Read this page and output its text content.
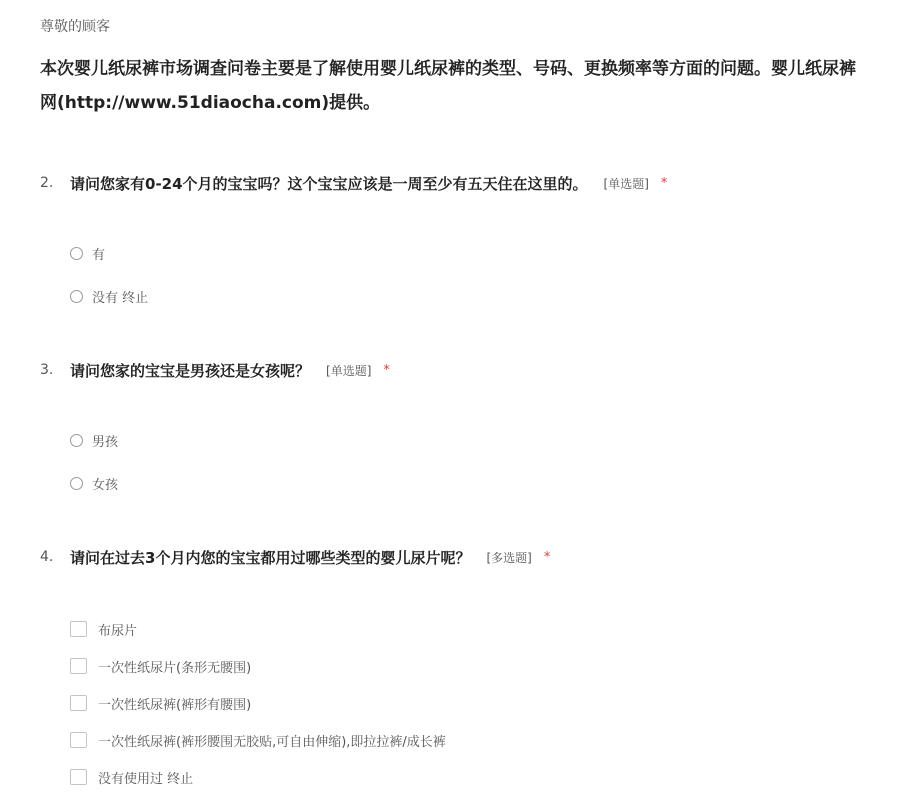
尊敬的顾客
本次婴儿纸尿裤市场调查问卷主要是了解使用婴儿纸尿裤的类型、号码、更换频率等方面的问题。婴儿纸尿裤
网(http://www.51diaocha.com)提供。
2.	请问您家有0-24个月的宝宝吗？这个宝宝应该是一周至少有五天住在这里的。 [单选题] *
有
没有 终止
3.	请问您家的宝宝是男孩还是女孩呢？ [单选题] *
男孩
女孩
4.	请问在过去3个月内您的宝宝都用过哪些类型的婴儿尿片呢？ [多选题] *
布尿片
一次性纸尿片(条形无腰围)
一次性纸尿裤(裤形有腰围)
一次性纸尿裤(裤形腰围无胶贴,可自由伸缩),即拉拉裤/成长裤
没有使用过 终止
